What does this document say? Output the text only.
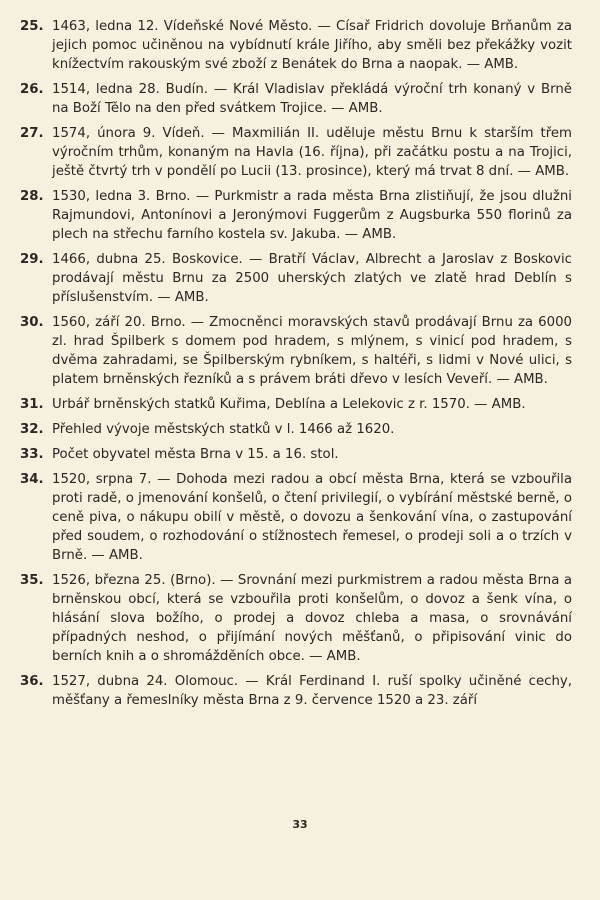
25. 1463, ledna 12. Vídeňské Nové Město. — Císař Fridrich dovoluje Brňanům za jejich pomoc učiněnou na vybídnutí krále Jiřího, aby směli bez překážky vozit knížectvím rakouským své zboží z Benátek do Brna a naopak. — AMB.
26. 1514, ledna 28. Budín. — Král Vladislav překládá výroční trh konaný v Brně na Boží Tělo na den před svátkem Trojice. — AMB.
27. 1574, února 9. Vídeň. — Maxmilián II. uděluje městu Brnu k starším třem výročním trhům, konaným na Havla (16. října), při začátku postu a na Trojici, ještě čtvrtý trh v pondělí po Lucii (13. prosince), který má trvat 8 dní. — AMB.
28. 1530, ledna 3. Brno. — Purkmistr a rada města Brna zlistiňují, že jsou dlužni Rajmundovi, Antonínovi a Jeronýmovi Fuggerům z Augsburka 550 florinů za plech na střechu farního kostela sv. Jakuba. — AMB.
29. 1466, dubna 25. Boskovice. — Bratří Václav, Albrecht a Jaroslav z Boskovic prodávají městu Brnu za 2500 uherských zlatých ve zlatě hrad Deblín s příslušenstvím. — AMB.
30. 1560, září 20. Brno. — Zmocněnci moravských stavů prodávají Brnu za 6000 zl. hrad Špilberk s domem pod hradem, s mlýnem, s vinicí pod hradem, s dvěma zahradami, se Špilberským rybníkem, s haltéři, s lidmi v Nové ulici, s platem brněnských řezníků a s právem bráti dřevo v lesích Veveří. — AMB.
31. Urbář brněnských statků Kuřima, Deblína a Lelekovic z r. 1570. — AMB.
32. Přehled vývoje městských statků v l. 1466 až 1620.
33. Počet obyvatel města Brna v 15. a 16. stol.
34. 1520, srpna 7. — Dohoda mezi radou a obcí města Brna, která se vzbouřila proti radě, o jmenování konšelů, o čtení privilegií, o vybírání městské berně, o ceně piva, o nákupu obilí v městě, o dovozu a šenkování vína, o zastupování před soudem, o rozhodování o stížnostech řemesel, o prodeji soli a o trzích v Brně. — AMB.
35. 1526, března 25. (Brno). — Srovnání mezi purkmistrem a radou města Brna a brněnskou obcí, která se vzbouřila proti konšelům, o dovoz a šenk vína, o hlásání slova božího, o prodej a dovoz chleba a masa, o srovnávání případných neshod, o přijímání nových měšťanů, o připisování vinic do berních knih a o shromážděních obce. — AMB.
36. 1527, dubna 24. Olomouc. — Král Ferdinand I. ruší spolky učiněné cechy, měšťany a řemeslníky města Brna z 9. července 1520 a 23. září
33
